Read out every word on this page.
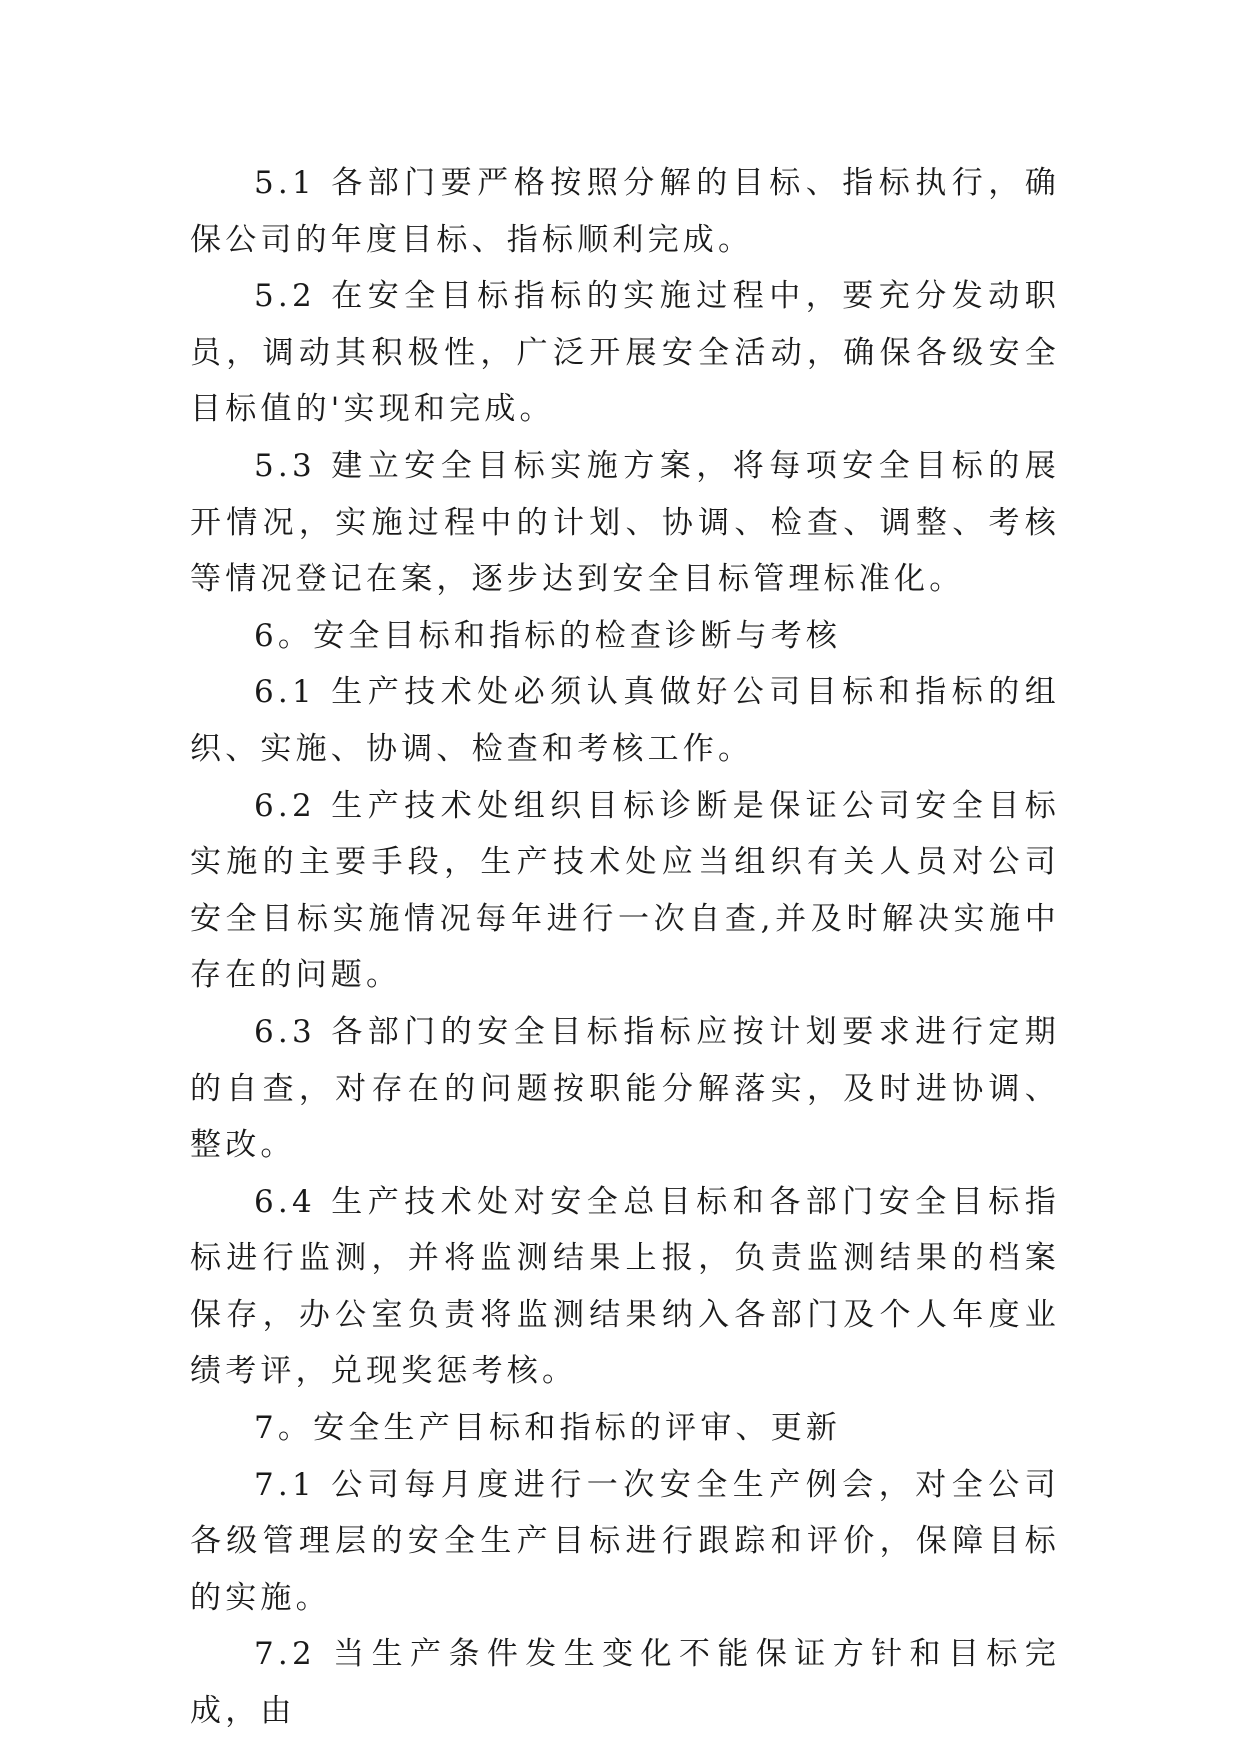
5.1 各部门要严格按照分解的目标、指标执行，确保公司的年度目标、指标顺利完成。

5.2 在安全目标指标的实施过程中，要充分发动职员，调动其积极性，广泛开展安全活动，确保各级安全目标值的'实现和完成。

5.3 建立安全目标实施方案，将每项安全目标的展开情况，实施过程中的计划、协调、检查、调整、考核等情况登记在案，逐步达到安全目标管理标准化。

6。安全目标和指标的检查诊断与考核

6.1 生产技术处必须认真做好公司目标和指标的组织、实施、协调、检查和考核工作。

6.2 生产技术处组织目标诊断是保证公司安全目标实施的主要手段，生产技术处应当组织有关人员对公司安全目标实施情况每年进行一次自查,并及时解决实施中存在的问题。

6.3 各部门的安全目标指标应按计划要求进行定期的自查，对存在的问题按职能分解落实，及时进协调、整改。

6.4 生产技术处对安全总目标和各部门安全目标指标进行监测，并将监测结果上报，负责监测结果的档案保存，办公室负责将监测结果纳入各部门及个人年度业绩考评，兑现奖惩考核。

7。安全生产目标和指标的评审、更新

7.1 公司每月度进行一次安全生产例会，对全公司各级管理层的安全生产目标进行跟踪和评价，保障目标的实施。

7.2 当生产条件发生变化不能保证方针和目标完成，由
